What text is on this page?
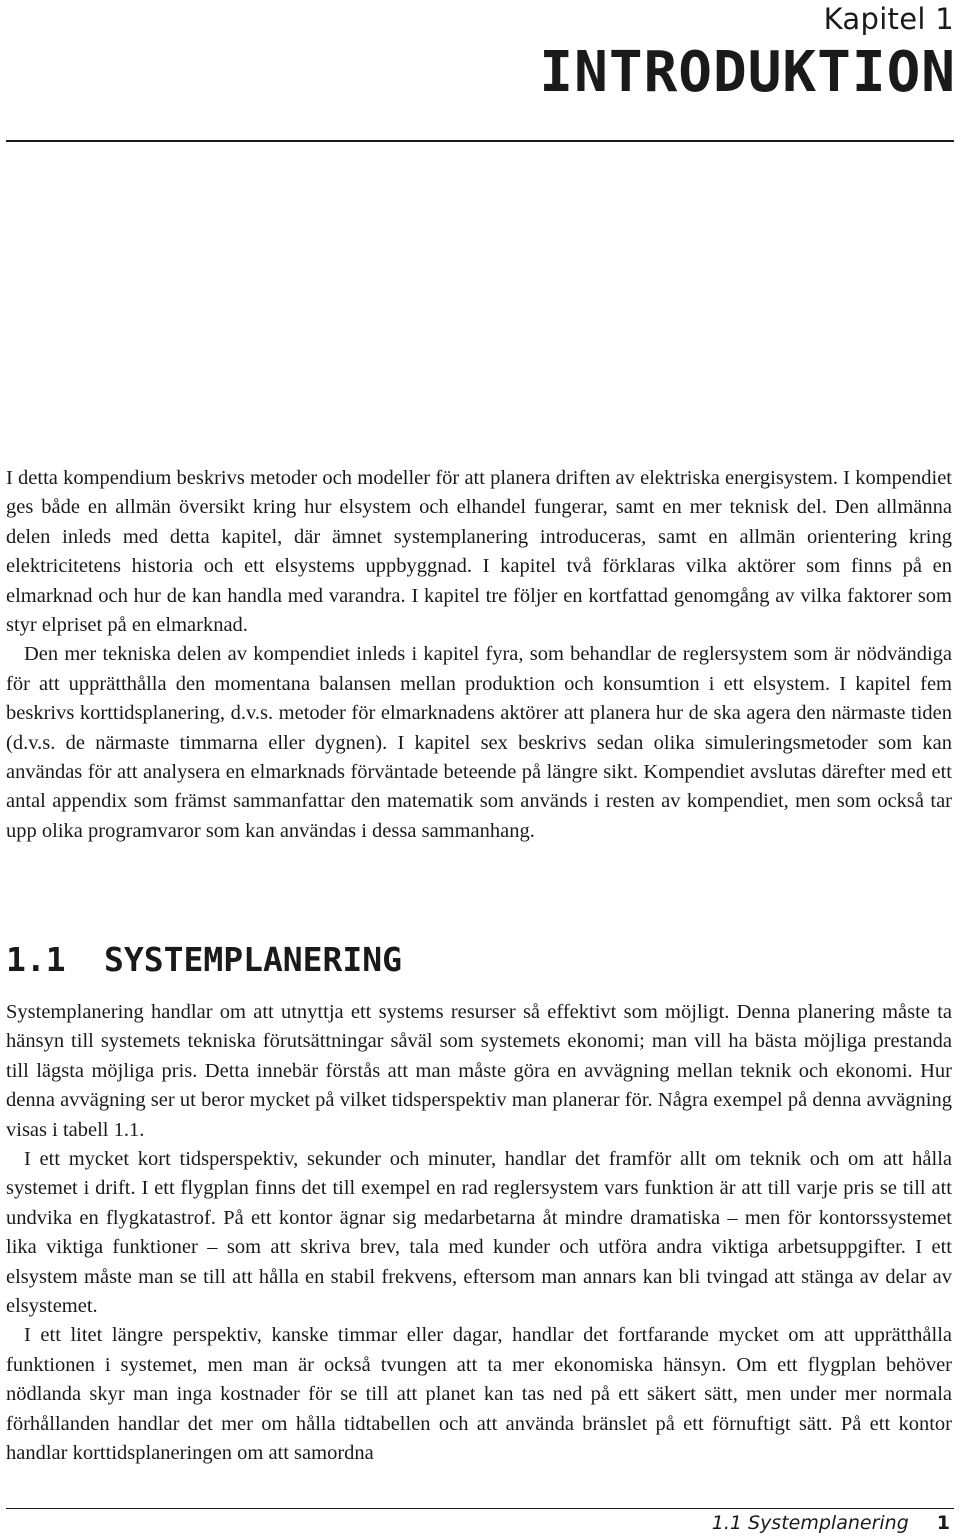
Kapitel 1
INTRODUKTION

I detta kompendium beskrivs metoder och modeller för att planera driften av elektriska energisystem. I kompendiet ges både en allmän översikt kring hur elsystem och elhandel fungerar, samt en mer teknisk del. Den allmänna delen inleds med detta kapitel, där ämnet systemplanering introduceras, samt en allmän orientering kring elektricitetens historia och ett elsystems uppbyggnad. I kapitel två förklaras vilka aktörer som finns på en elmarknad och hur de kan handla med varandra. I kapitel tre följer en kortfattad genomgång av vilka faktorer som styr elpriset på en elmarknad.

Den mer tekniska delen av kompendiet inleds i kapitel fyra, som behandlar de reglersystem som är nödvändiga för att upprätthålla den momentana balansen mellan produktion och konsumtion i ett elsystem. I kapitel fem beskrivs korttidsplanering, d.v.s. metoder för elmarknadens aktörer att planera hur de ska agera den närmaste tiden (d.v.s. de närmaste timmarna eller dygnen). I kapitel sex beskrivs sedan olika simuleringsmetoder som kan användas för att analysera en elmarknads förväntade beteende på längre sikt. Kompendiet avslutas därefter med ett antal appendix som främst sammanfattar den matematik som används i resten av kompendiet, men som också tar upp olika programvaror som kan användas i dessa sammanhang.

1.1 SYSTEMPLANERING

Systemplanering handlar om att utnyttja ett systems resurser så effektivt som möjligt. Denna planering måste ta hänsyn till systemets tekniska förutsättningar såväl som systemets ekonomi; man vill ha bästa möjliga prestanda till lägsta möjliga pris. Detta innebär förstås att man måste göra en avvägning mellan teknik och ekonomi. Hur denna avvägning ser ut beror mycket på vilket tidsperspektiv man planerar för. Några exempel på denna avvägning visas i tabell 1.1.

I ett mycket kort tidsperspektiv, sekunder och minuter, handlar det framför allt om teknik och om att hålla systemet i drift. I ett flygplan finns det till exempel en rad reglersystem vars funktion är att till varje pris se till att undvika en flygkatastrof. På ett kontor ägnar sig medarbetarna åt mindre dramatiska – men för kontorssystemet lika viktiga funktioner – som att skriva brev, tala med kunder och utföra andra viktiga arbetsuppgifter. I ett elsystem måste man se till att hålla en stabil frekvens, eftersom man annars kan bli tvingad att stänga av delar av elsystemet.

I ett litet längre perspektiv, kanske timmar eller dagar, handlar det fortfarande mycket om att upprätthålla funktionen i systemet, men man är också tvungen att ta mer ekonomiska hänsyn. Om ett flygplan behöver nödlanda skyr man inga kostnader för se till att planet kan tas ned på ett säkert sätt, men under mer normala förhållanden handlar det mer om hålla tidtabellen och att använda bränslet på ett förnuftigt sätt. På ett kontor handlar korttidsplaneringen om att samordna

1.1 Systemplanering 1
